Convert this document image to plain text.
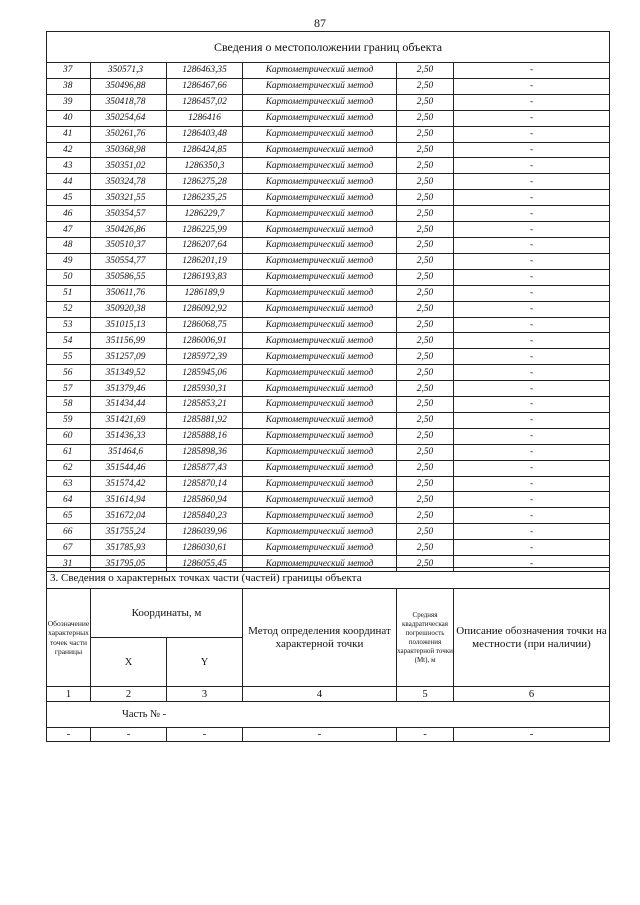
87
Сведения о местоположении границ объекта					
37	350571,3	1286463,35	Картометрический метод	2,50	-
38	350496,88	1286467,66	Картометрический метод	2,50	-
39	350418,78	1286457,02	Картометрический метод	2,50	-
40	350254,64	1286416	Картометрический метод	2,50	-
41	350261,76	1286403,48	Картометрический метод	2,50	-
42	350368,98	1286424,85	Картометрический метод	2,50	-
43	350351,02	1286350,3	Картометрический метод	2,50	-
44	350324,78	1286275,28	Картометрический метод	2,50	-
45	350321,55	1286235,25	Картометрический метод	2,50	-
46	350354,57	1286229,7	Картометрический метод	2,50	-
47	350426,86	1286225,99	Картометрический метод	2,50	-
48	350510,37	1286207,64	Картометрический метод	2,50	-
49	350554,77	1286201,19	Картометрический метод	2,50	-
50	350586,55	1286193,83	Картометрический метод	2,50	-
51	350611,76	1286189,9	Картометрический метод	2,50	-
52	350920,38	1286092,92	Картометрический метод	2,50	-
53	351015,13	1286068,75	Картометрический метод	2,50	-
54	351156,99	1286006,91	Картометрический метод	2,50	-
55	351257,09	1285972,39	Картометрический метод	2,50	-
56	351349,52	1285945,06	Картометрический метод	2,50	-
57	351379,46	1285930,31	Картометрический метод	2,50	-
58	351434,44	1285853,21	Картометрический метод	2,50	-
59	351421,69	1285881,92	Картометрический метод	2,50	-
60	351436,33	1285888,16	Картометрический метод	2,50	-
61	351464,6	1285898,36	Картометрический метод	2,50	-
62	351544,46	1285877,43	Картометрический метод	2,50	-
63	351574,42	1285870,14	Картометрический метод	2,50	-
64	351614,94	1285860,94	Картометрический метод	2,50	-
65	351672,04	1285840,23	Картометрический метод	2,50	-
66	351755,24	1286039,96	Картометрический метод	2,50	-
67	351785,93	1286030,61	Картометрический метод	2,50	-
31	351795,05	1286055,45	Картометрический метод	2,50	-
3. Сведения о характерных точках части (частей) границы объекта					
Обозначение характерных точек части границы	Координаты, м		Метод определения координат характерной точки	Средняя квадратическая погрешность положения характерной точки (Мt), м	Описание обозначения точки на местности (при наличии)
	X	Y			
1	2	3	4	5	6
Часть № -					
-	-	-	-	-	-
